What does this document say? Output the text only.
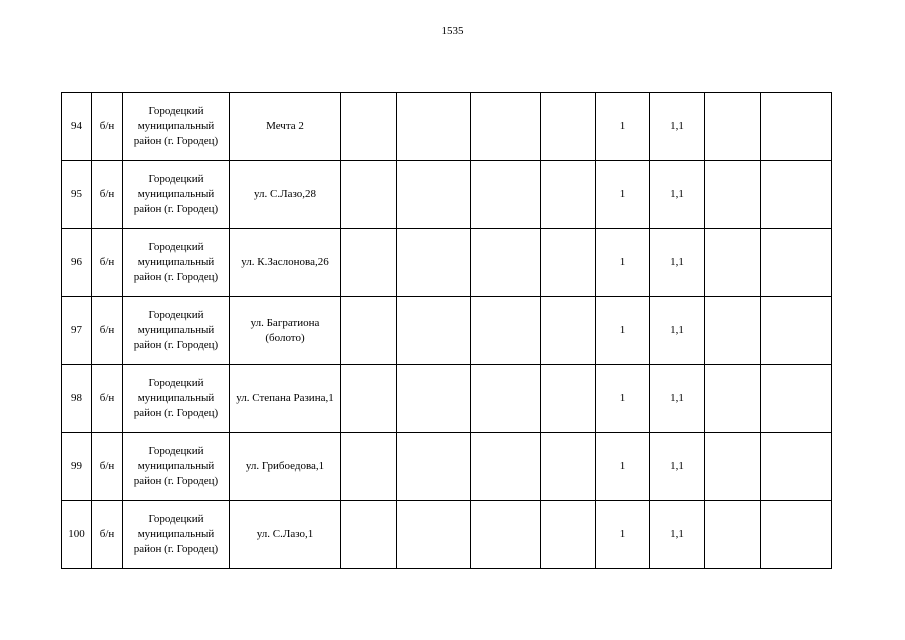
1535
94	б/н	Городецкий муниципальный район (г. Городец)	Мечта 2					1	1,1		
95	б/н	Городецкий муниципальный район (г. Городец)	ул. С.Лазо,28					1	1,1		
96	б/н	Городецкий муниципальный район (г. Городец)	ул. К.Заслонова,26					1	1,1		
97	б/н	Городецкий муниципальный район (г. Городец)	ул. Багратиона (болото)					1	1,1		
98	б/н	Городецкий муниципальный район (г. Городец)	ул. Степана Разина,1					1	1,1		
99	б/н	Городецкий муниципальный район (г. Городец)	ул. Грибоедова,1					1	1,1		
100	б/н	Городецкий муниципальный район (г. Городец)	ул. С.Лазо,1					1	1,1		
